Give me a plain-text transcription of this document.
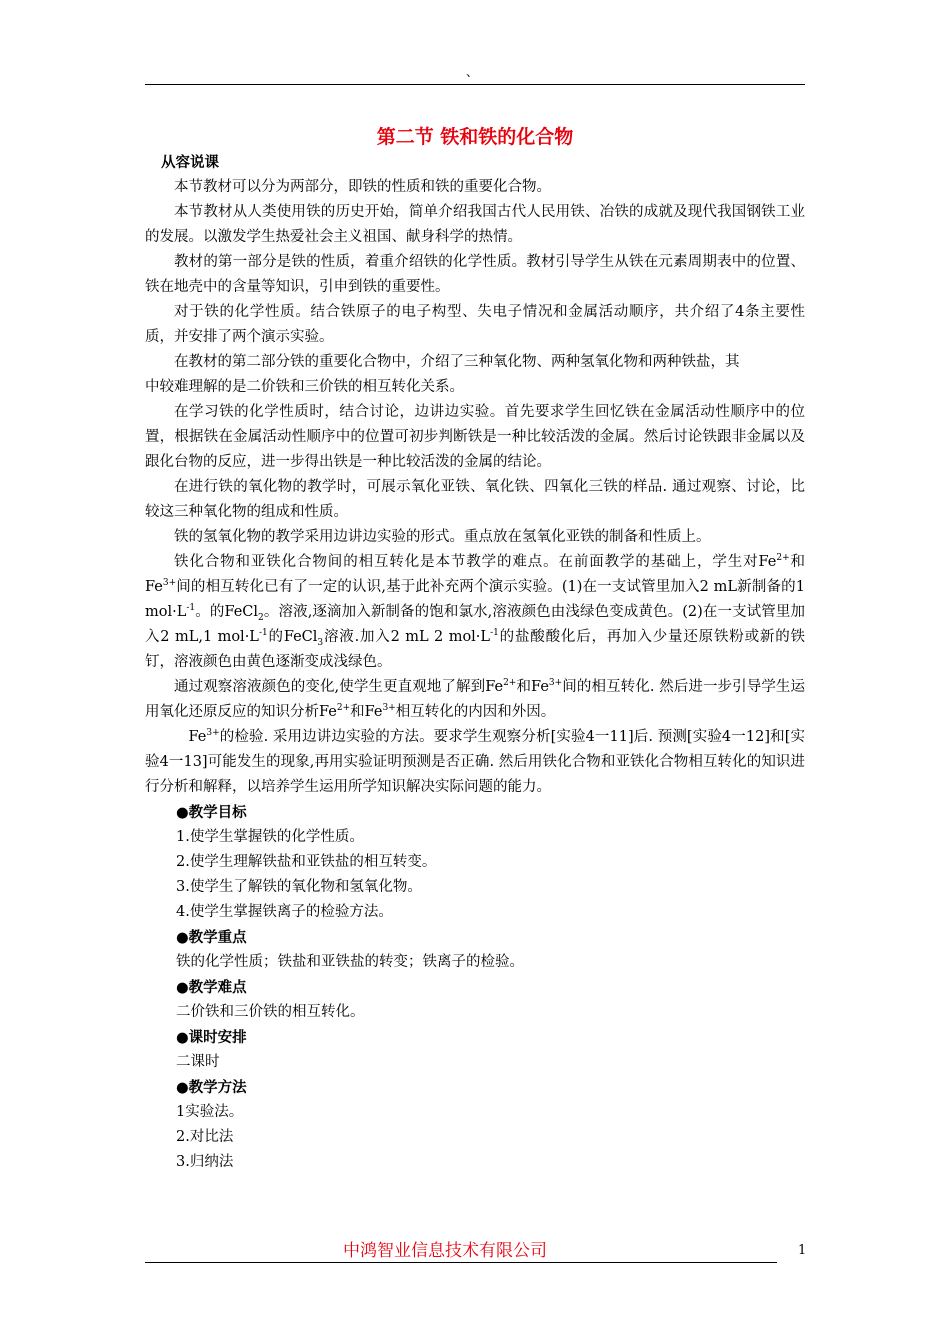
、
第二节 铁和铁的化合物

从容说课

本节教材可以分为两部分，即铁的性质和铁的重要化合物。

本节教材从人类使用铁的历史开始，简单介绍我国古代人民用铁、冶铁的成就及现代我国钢铁工业的发展。以激发学生热爱社会主义祖国、献身科学的热情。

教材的第一部分是铁的性质，着重介绍铁的化学性质。教材引导学生从铁在元素周期表中的位置、铁在地壳中的含量等知识，引申到铁的重要性。

对于铁的化学性质。结合铁原子的电子构型、失电子情况和金属活动顺序，共介绍了4条主要性质，并安排了两个演示实验。

在教材的第二部分铁的重要化合物中，介绍了三种氧化物、两种氢氧化物和两种铁盐，其

中较难理解的是二价铁和三价铁的相互转化关系。

在学习铁的化学性质时，结合讨论，边讲边实验。首先要求学生回忆铁在金属活动性顺序中的位置，根据铁在金属活动性顺序中的位置可初步判断铁是一种比较活泼的金属。然后讨论铁跟非金属以及跟化台物的反应，进一步得出铁是一种比较活泼的金属的结论。

在进行铁的氧化物的教学时，可展示氧化亚铁、氧化铁、四氧化三铁的样品. 通过观察、讨论，比较这三种氧化物的组成和性质。

铁的氢氧化物的教学采用边讲边实验的形式。重点放在氢氧化亚铁的制备和性质上。

铁化合物和亚铁化合物间的相互转化是本节教学的难点。在前面教学的基础上，学生对$Fe^{2+}$和$Fe^{3+}$间的相互转化已有了一定的认识,基于此补充两个演示实验。(1)在一支试管里加入2 mL新制备的1 $mol\cdot L^{-1}$。的FeCl$_2$。溶液,逐滴加入新制备的饱和氯水,溶液颜色由浅绿色变成黄色。(2)在一支试管里加入2 mL,1 $mol\cdot L^{-1}$的FeCl$_3$溶液.加入2 mL 2 $mol\cdot L^{-1}$的盐酸酸化后，再加入少量还原铁粉或新的铁钉，溶液颜色由黄色逐渐变成浅绿色。

通过观察溶液颜色的变化,使学生更直观地了解到$Fe^{2+}$和$Fe^{3+}$间的相互转化. 然后进一步引导学生运用氧化还原反应的知识分析$Fe^{2+}$和$Fe^{3+}$相互转化的内因和外因。

$Fe^{3+}$的检验. 采用边讲边实验的方法。要求学生观察分析[实验4一11]后. 预测[实验4一12]和[实验4一13]可能发生的现象,再用实验证明预测是否正确. 然后用铁化合物和亚铁化合物相互转化的知识进行分析和解释，以培养学生运用所学知识解决实际问题的能力。

●教学目标

1.使学生掌握铁的化学性质。

2.使学生理解铁盐和亚铁盐的相互转变。

3.使学生了解铁的氧化物和氢氧化物。

4.使学生掌握铁离子的检验方法。

●教学重点

铁的化学性质；铁盐和亚铁盐的转变；铁离子的检验。

●教学难点

二价铁和三价铁的相互转化。

●课时安排

二课时

●教学方法

1实验法。

2.对比法

3.归纳法

中鸿智业信息技术有限公司	1
